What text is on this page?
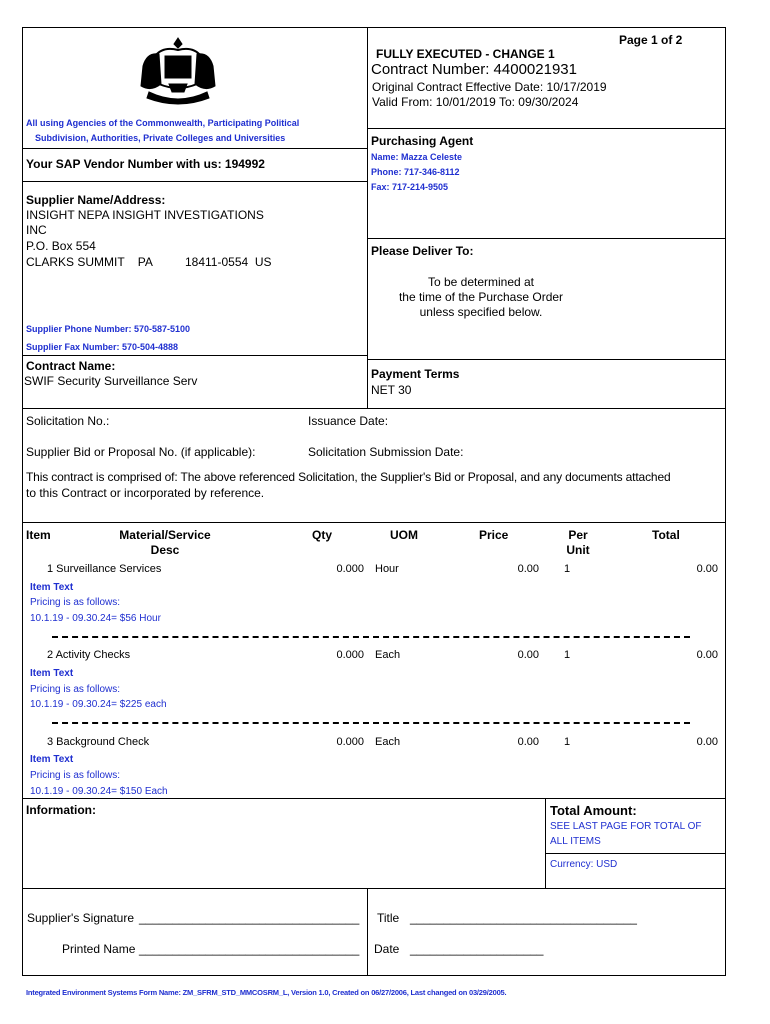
Page 1 of 2
FULLY EXECUTED - CHANGE 1
Contract Number: 4400021931
Original Contract Effective Date: 10/17/2019
Valid From: 10/01/2019 To: 09/30/2024
All using Agencies of the Commonwealth, Participating Political
Subdivision, Authorities, Private Colleges and Universities	Purchasing Agent
Name: Mazza Celeste
Phone: 717-346-8112
Fax: 717-214-9505
Your SAP Vendor Number with us: 194992
Supplier Name/Address:
INSIGHT NEPA INSIGHT INVESTIGATIONS
INC
P.O. Box 554
CLARKS SUMMIT    PA	18411-0554  US
Supplier Phone Number: 570-587-5100
Supplier Fax Number: 570-504-4888
Please Deliver To:
To be determined at
the time of the Purchase Order
unless specified below.
Contract Name:
SWIF Security Surveillance Serv	Payment Terms
NET 30
Solicitation No.:	Issuance Date:
Supplier Bid or Proposal No. (if applicable):	Solicitation Submission Date:
This contract is comprised of: The above referenced Solicitation, the Supplier's Bid or Proposal, and any documents attached
to this Contract or incorporated by reference.
Item	Material/Service
Desc
Qty	UOM	Price	Per
Unit
Total
1 Surveillance Services	0.000 Hour	0.00 1	0.00
Item Text
Pricing is as follows:
10.1.19 - 09.30.24= $56 Hour
2 Activity Checks	0.000 Each	0.00 1	0.00
Item Text
Pricing is as follows:
10.1.19 - 09.30.24= $225 each
3 Background Check	0.000 Each	0.00 1	0.00
Item Text
Pricing is as follows:
10.1.19 - 09.30.24= $150 Each
Information:	Total Amount:
SEE LAST PAGE FOR TOTAL OF
ALL ITEMS
Currency: USD
Supplier's Signature _________________________________
Printed Name _________________________________
Title __________________________________
Date ____________________
Integrated Environment Systems Form Name: ZM_SFRM_STD_MMCOSRM_L, Version 1.0, Created on 06/27/2006, Last changed on 03/29/2005.
